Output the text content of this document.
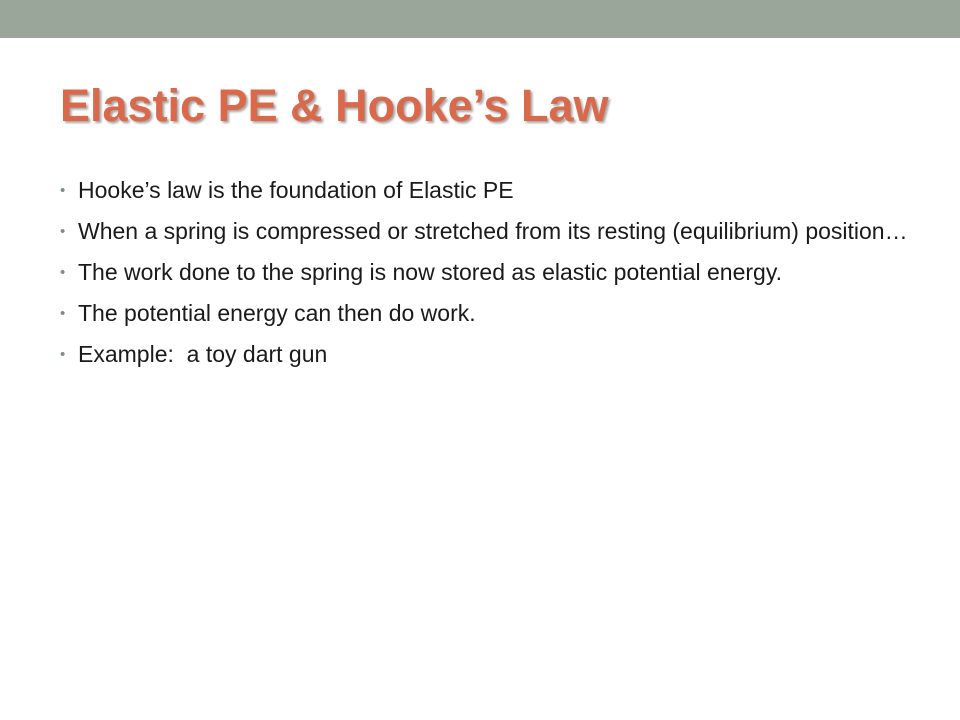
Elastic PE & Hooke’s Law
• Hooke’s law is the foundation of Elastic PE
• When a spring is compressed or stretched from its resting (equilibrium) position…
• The work done to the spring is now stored as elastic potential energy.
• The potential energy can then do work.
• Example:  a toy dart gun
